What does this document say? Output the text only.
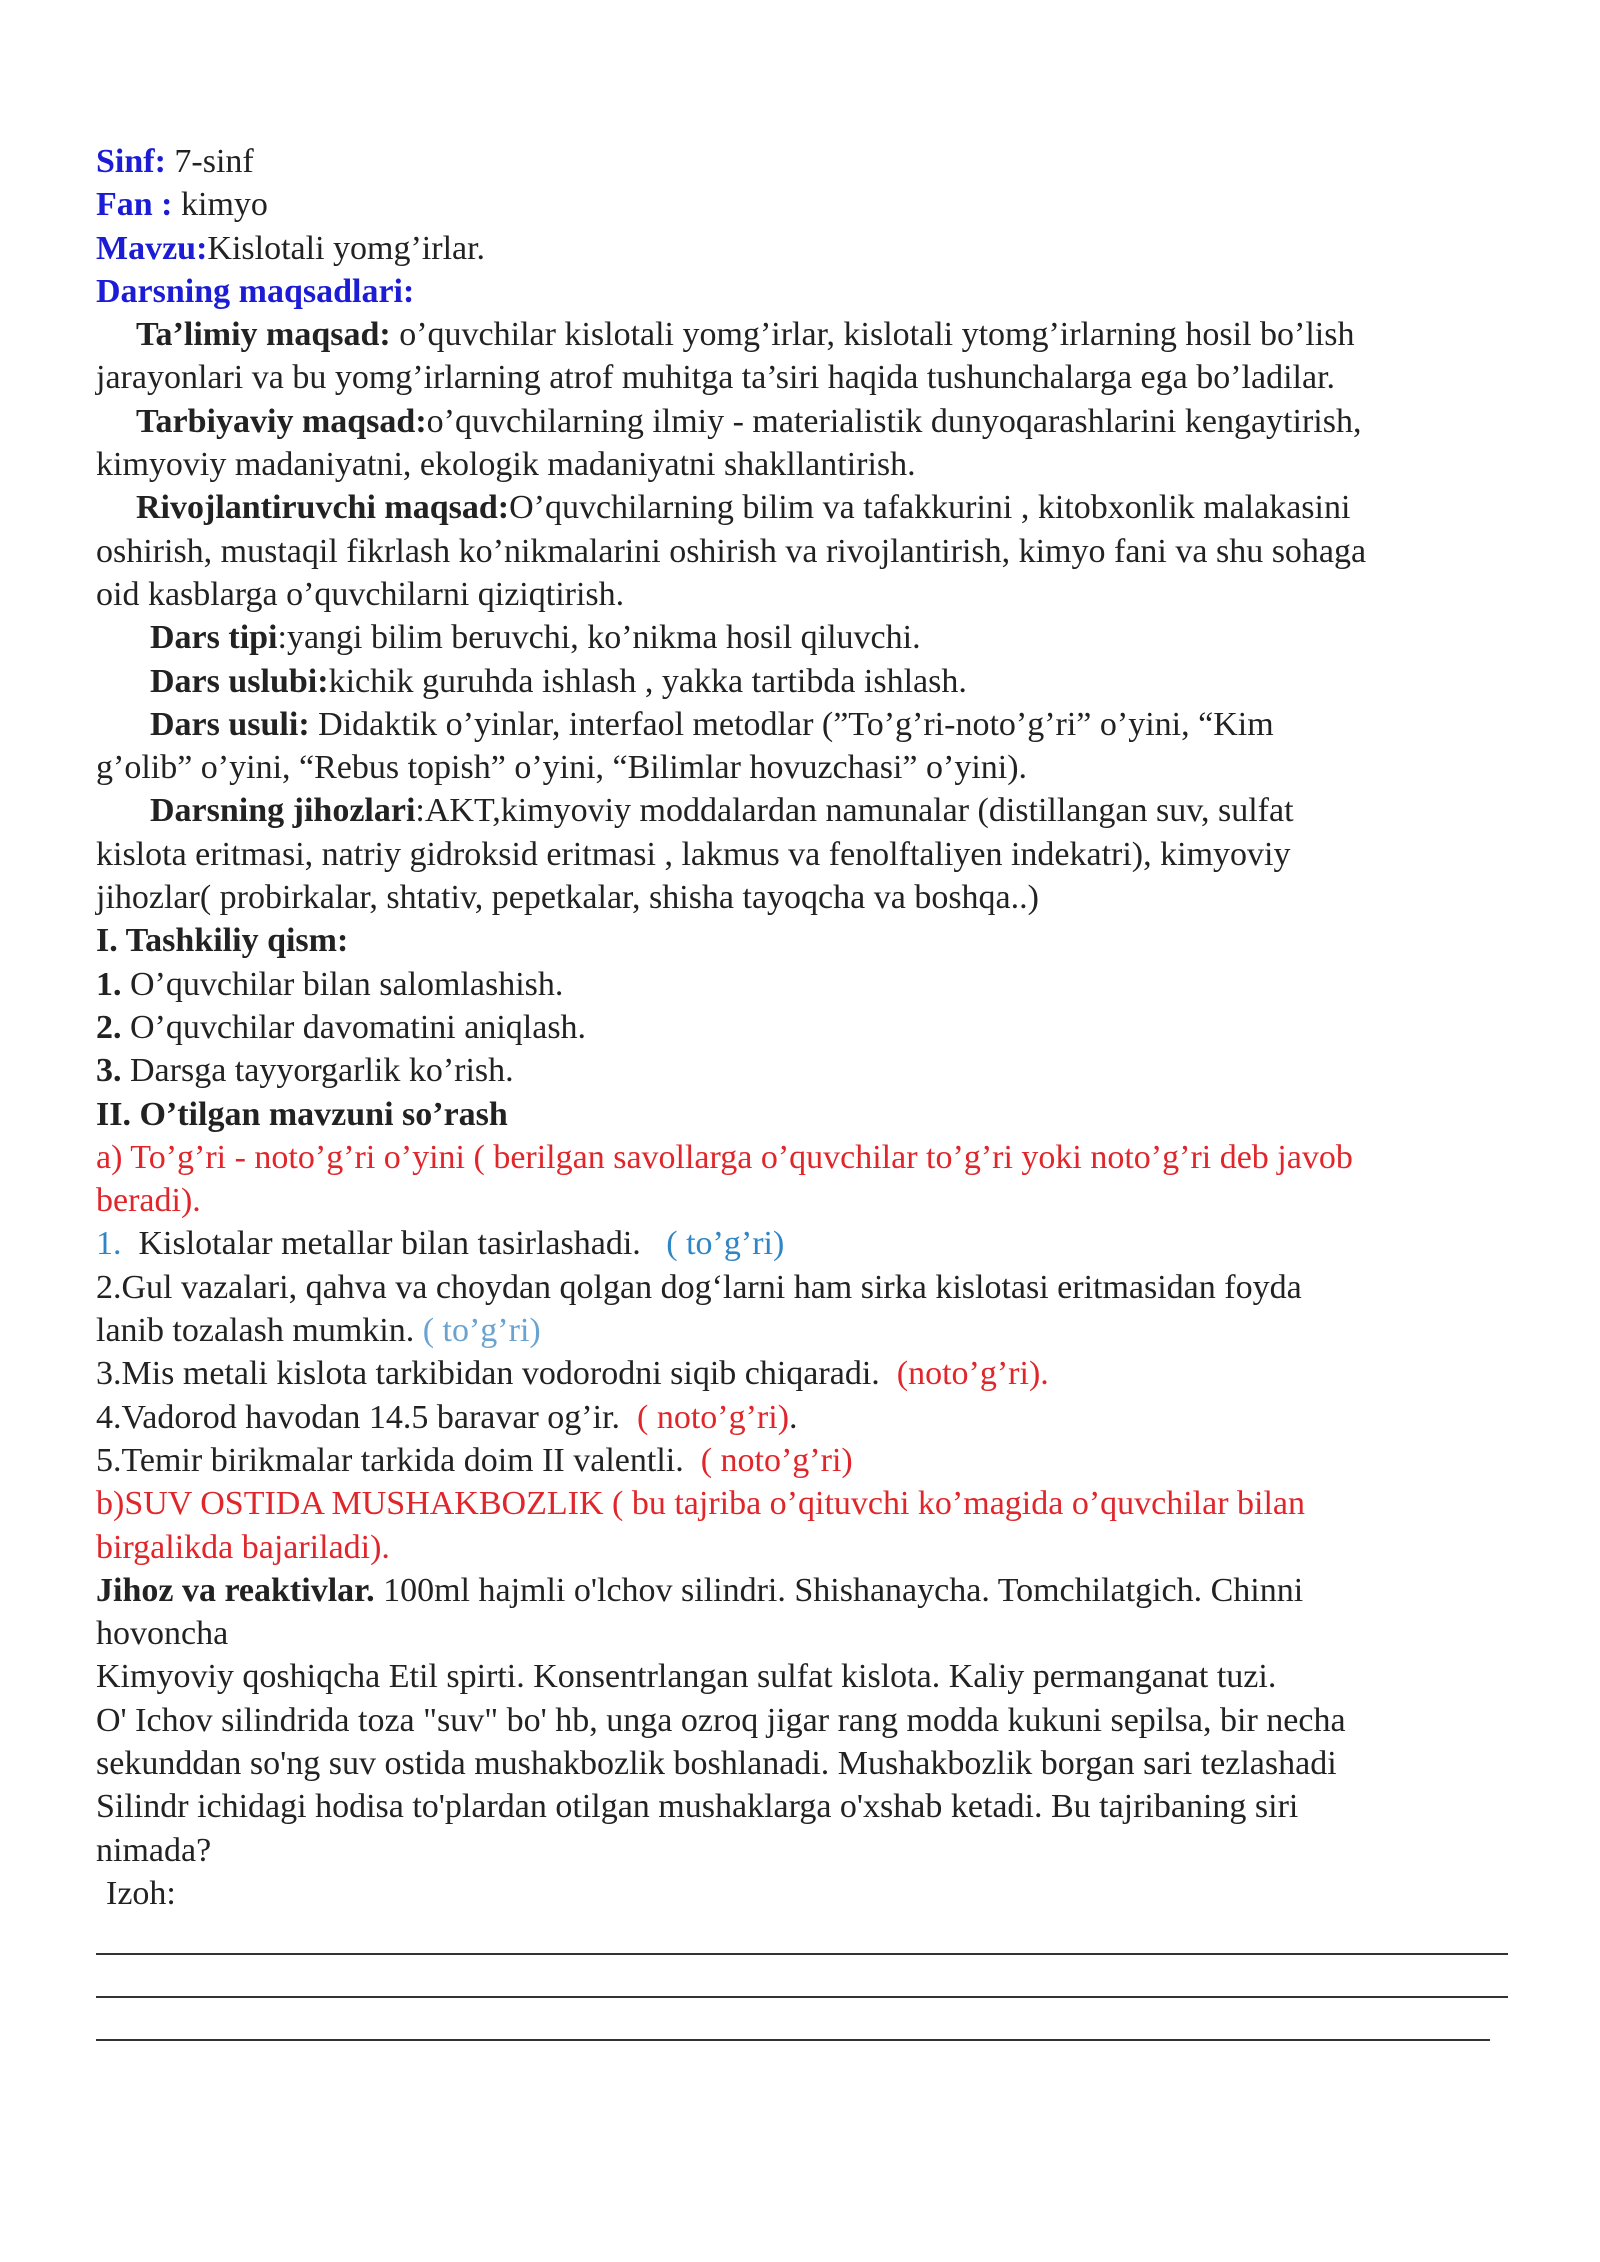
Sinf: 7-sinf
Fan : kimyo
Mavzu:Kislotali yomg’irlar.
Darsning maqsadlari:
Ta’limiy maqsad: o’quvchilar kislotali yomg’irlar, kislotali ytomg’irlarning hosil bo’lish
jarayonlari va bu yomg’irlarning atrof muhitga ta’siri haqida tushunchalarga ega bo’ladilar.
Tarbiyaviy maqsad:o’quvchilarning ilmiy - materialistik dunyoqarashlarini kengaytirish,
kimyoviy madaniyatni, ekologik madaniyatni shakllantirish.
Rivojlantiruvchi maqsad:O’quvchilarning bilim va tafakkurini , kitobxonlik malakasini
oshirish, mustaqil fikrlash ko’nikmalarini oshirish va rivojlantirish, kimyo fani va shu sohaga
oid kasblarga o’quvchilarni qiziqtirish.
Dars tipi:yangi bilim beruvchi, ko’nikma hosil qiluvchi.
Dars uslubi:kichik guruhda ishlash , yakka tartibda ishlash.
Dars usuli: Didaktik o’yinlar, interfaol metodlar (”To’g’ri-noto’g’ri” o’yini, “Kim
g’olib” o’yini, “Rebus topish” o’yini, “Bilimlar hovuzchasi” o’yini).
Darsning jihozlari:AKT,kimyoviy moddalardan namunalar (distillangan suv, sulfat
kislota eritmasi, natriy gidroksid eritmasi , lakmus va fenolftaliyen indekatri), kimyoviy
jihozlar( probirkalar, shtativ, pepetkalar, shisha tayoqcha va boshqa..)
I. Tashkiliy qism:
1. O’quvchilar bilan salomlashish.
2. O’quvchilar davomatini aniqlash.
3. Darsga tayyorgarlik ko’rish.
II. O’tilgan mavzuni so’rash
a) To’g’ri - noto’g’ri o’yini ( berilgan savollarga o’quvchilar to’g’ri yoki noto’g’ri deb javob
beradi).
1.  Kislotalar metallar bilan tasirlashadi.   ( to’g’ri)
2.Gul vazalari, qahva va choydan qolgan dog‘larni ham sirka kislotasi eritmasidan foyda
lanib tozalash mumkin. ( to’g’ri)
3.Mis metali kislota tarkibidan vodorodni siqib chiqaradi.  (noto’g’ri).
4.Vadorod havodan 14.5 baravar og’ir.  ( noto’g’ri).
5.Temir birikmalar tarkida doim II valentli.  ( noto’g’ri)
b)SUV OSTIDA MUSHAKBOZLIK ( bu tajriba o’qituvchi ko’magida o’quvchilar bilan
birgalikda bajariladi).
Jihoz va reaktivlar. 100ml hajmli o'lchov silindri. Shishanaycha. Tomchilatgich. Chinni
hovoncha
Kimyoviy qoshiqcha Etil spirti. Konsentrlangan sulfat kislota. Kaliy permanganat tuzi.
O' Ichov silindrida toza "suv" bo' hb, unga ozroq jigar rang modda kukuni sepilsa, bir necha
sekunddan so'ng suv ostida mushakbozlik boshlanadi. Mushakbozlik borgan sari tezlashadi
Silindr ichidagi hodisa to'plardan otilgan mushaklarga o'xshab ketadi. Bu tajribaning siri
nimada?
Izoh:
